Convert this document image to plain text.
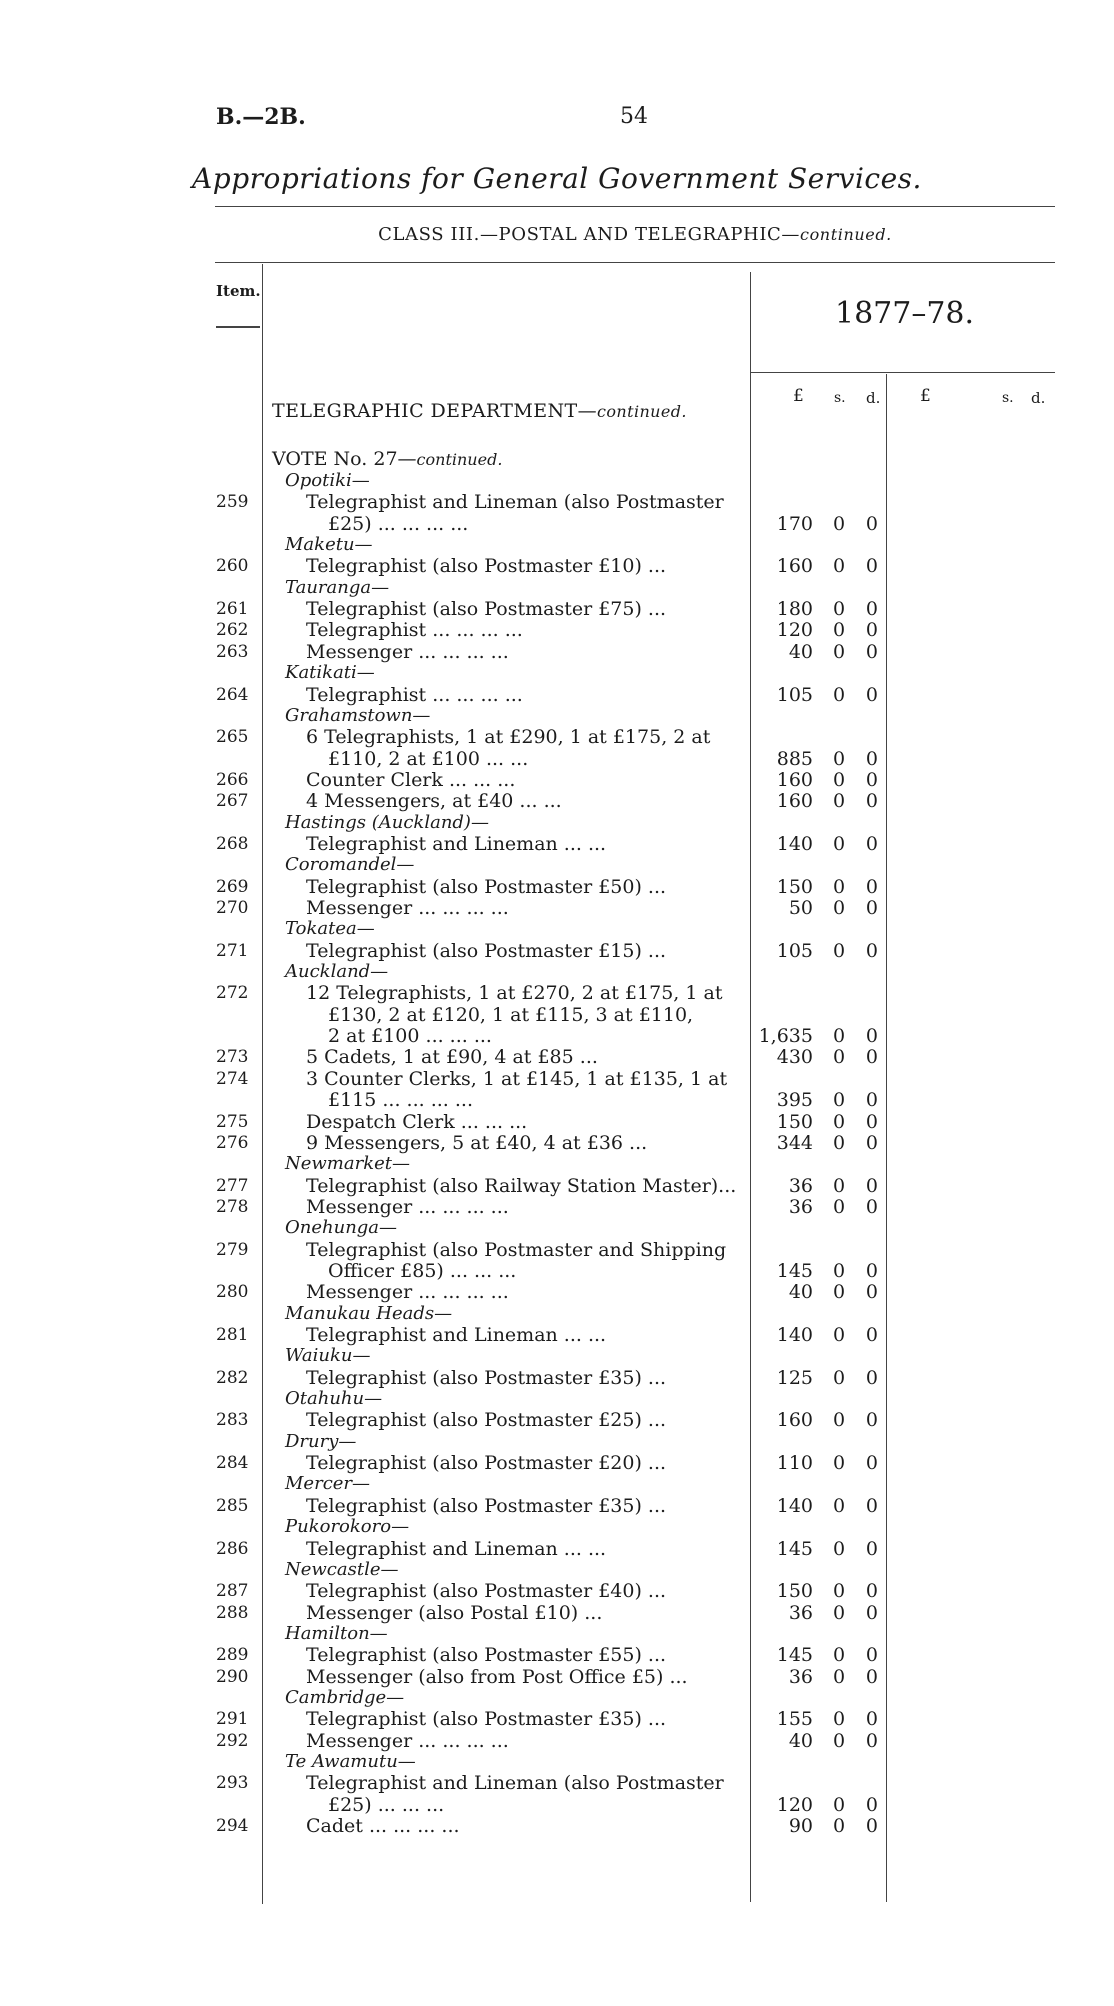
B.—2B.	54
Appropriations for General Government Services.
CLASS III.—POSTAL AND TELEGRAPHIC—continued.
Item.
1877–78.
TELEGRAPHIC DEPARTMENT—continued.
£ s. d. £	s. d.
VOTE No. 27—continued.
Opotiki—
259	Telegraphist and Lineman (also Postmaster
£25) ... ... ... ...	170 0 0
Maketu—
260	Telegraphist (also Postmaster £10) ...	160 0 0
Tauranga—
261	Telegraphist (also Postmaster £75) ...	180 0 0
262	Telegraphist ... ... ... ...	120 0 0
263	Messenger ... ... ... ...	40 0 0
Katikati—
264	Telegraphist ... ... ... ...	105 0 0
Grahamstown—
265	6 Telegraphists, 1 at £290, 1 at £175, 2 at
£110, 2 at £100 ... ...	885 0 0
266	Counter Clerk ... ... ...	160 0 0
267	4 Messengers, at £40 ... ...	160 0 0
Hastings (Auckland)—
268	Telegraphist and Lineman ... ...	140 0 0
Coromandel—
269	Telegraphist (also Postmaster £50) ...	150 0 0
270	Messenger ... ... ... ...	50 0 0
Tokatea—
271	Telegraphist (also Postmaster £15) ...	105 0 0
Auckland—
272	12 Telegraphists, 1 at £270, 2 at £175, 1 at
£130, 2 at £120, 1 at £115, 3 at £110,
2 at £100 ... ... ...	1,635 0 0
273	5 Cadets, 1 at £90, 4 at £85 ...	430 0 0
274	3 Counter Clerks, 1 at £145, 1 at £135, 1 at
£115 ... ... ... ...	395 0 0
275	Despatch Clerk ... ... ...	150 0 0
276	9 Messengers, 5 at £40, 4 at £36 ...	344 0 0
Newmarket—
277	Telegraphist (also Railway Station Master)...	36 0 0
278	Messenger ... ... ... ...	36 0 0
Onehunga—
279	Telegraphist (also Postmaster and Shipping
Officer £85) ... ... ...	145 0 0
280	Messenger ... ... ... ...	40 0 0
Manukau Heads—
281	Telegraphist and Lineman ... ...	140 0 0
Waiuku—
282	Telegraphist (also Postmaster £35) ...	125 0 0
Otahuhu—
283	Telegraphist (also Postmaster £25) ...	160 0 0
Drury—
284	Telegraphist (also Postmaster £20) ...	110 0 0
Mercer—
285	Telegraphist (also Postmaster £35) ...	140 0 0
Pukorokoro—
286	Telegraphist and Lineman ... ...	145 0 0
Newcastle—
287	Telegraphist (also Postmaster £40) ...	150 0 0
288	Messenger (also Postal £10) ...	36 0 0
Hamilton—
289	Telegraphist (also Postmaster £55) ...	145 0 0
290	Messenger (also from Post Office £5) ...	36 0 0
Cambridge—
291	Telegraphist (also Postmaster £35) ...	155 0 0
292	Messenger ... ... ... ...	40 0 0
Te Awamutu—
293	Telegraphist and Lineman (also Postmaster
£25) ... ... ...	120 0 0
294	Cadet ... ... ... ...	90 0 0
